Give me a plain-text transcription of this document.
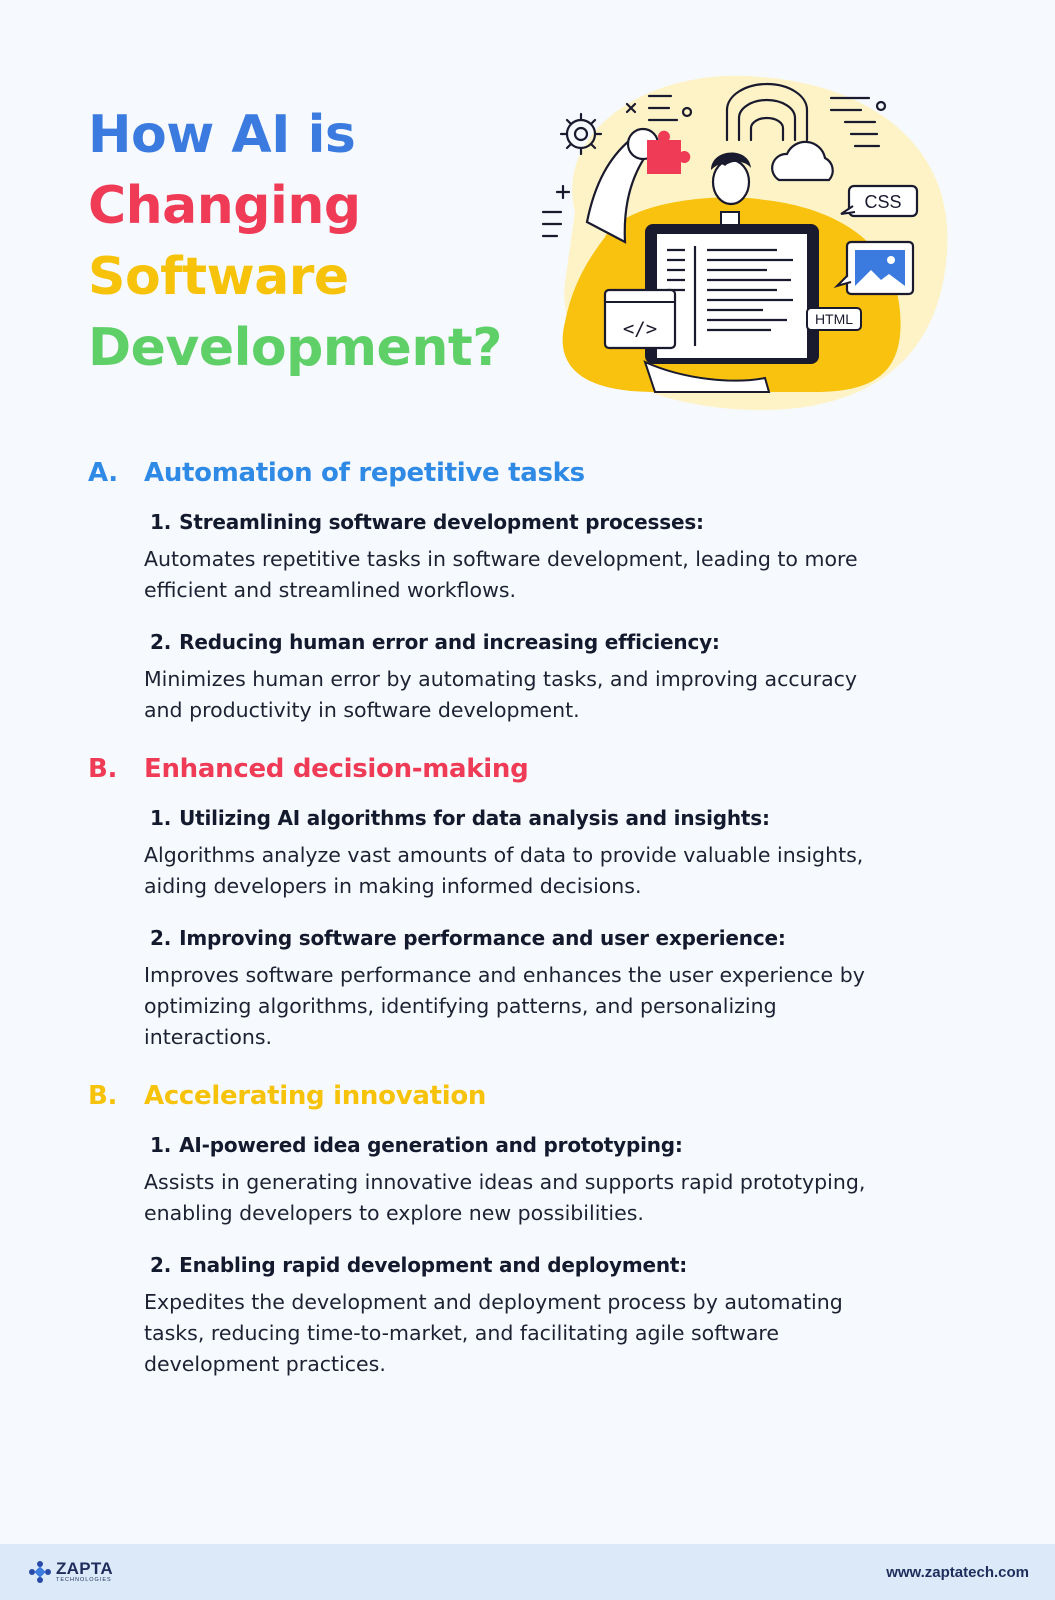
How AI is
Changing
Software
Development?	</>
CSS
HTML
A.	Automation of repetitive tasks
1. Streamlining software development processes:

Automates repetitive tasks in software development, leading to more efficient and streamlined workflows.

2. Reducing human error and increasing efficiency:

Minimizes human error by automating tasks, and improving accuracy and productivity in software development.

B.	Enhanced decision-making
1. Utilizing AI algorithms for data analysis and insights:

Algorithms analyze vast amounts of data to provide valuable insights, aiding developers in making informed decisions.

2. Improving software performance and user experience:

Improves software performance and enhances the user experience by optimizing algorithms, identifying patterns, and personalizing interactions.

B.	Accelerating innovation
1. AI-powered idea generation and prototyping:

Assists in generating innovative ideas and supports rapid prototyping, enabling developers to explore new possibilities.

2. Enabling rapid development and deployment:

Expedites the development and deployment process by automating tasks, reducing time-to-market, and facilitating agile software development practices.

ZAPTA
TECHNOLOGIES	www.zaptatech.com
